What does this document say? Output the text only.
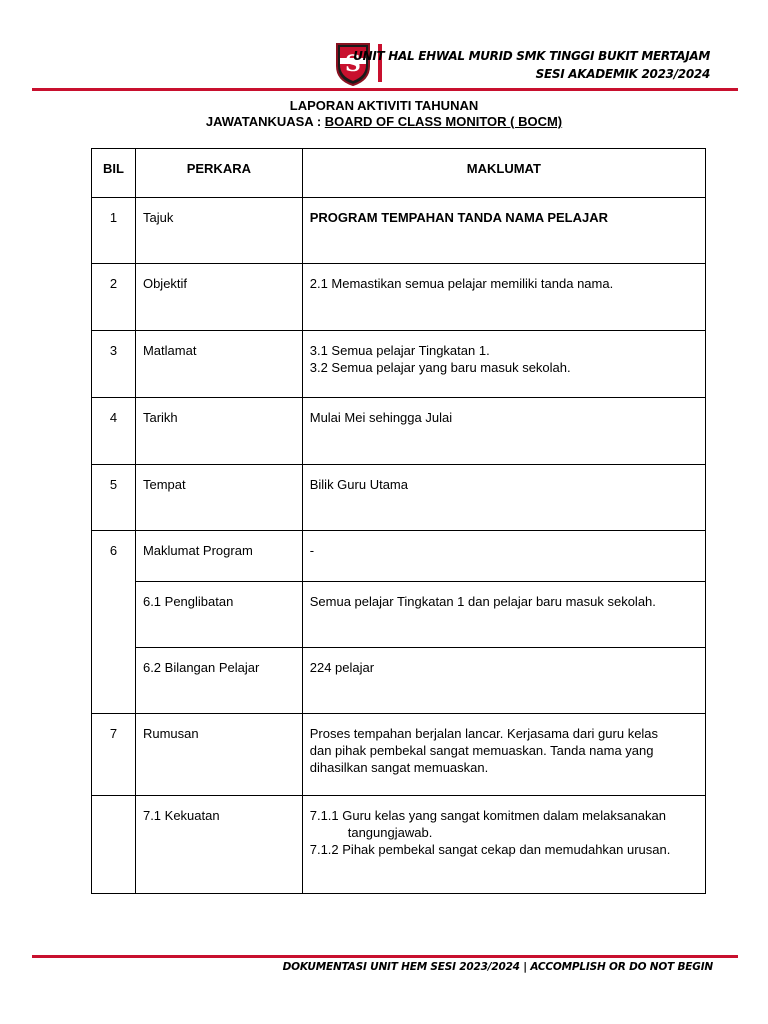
S
UNIT HAL EHWAL MURID SMK TINGGI BUKIT MERTAJAM
SESI AKADEMIK 2023/2024
LAPORAN AKTIVITI TAHUNAN
JAWATANKUASA : BOARD OF CLASS MONITOR ( BOCM)
BIL	PERKARA	MAKLUMAT

1	Tajuk	PROGRAM TEMPAHAN TANDA NAMA PELAJAR

2	Objektif	2.1 Memastikan semua pelajar memiliki tanda nama.

3	Matlamat	3.1 Semua pelajar Tingkatan 1.
3.2 Semua pelajar yang baru masuk sekolah.

4	Tarikh	Mulai Mei sehingga Julai

5	Tempat	Bilik Guru Utama

6	Maklumat Program	-

	6.1 Penglibatan	Semua pelajar Tingkatan 1 dan pelajar baru masuk sekolah.

	6.2 Bilangan Pelajar	224 pelajar

7	Rumusan	Proses tempahan berjalan lancar. Kerjasama dari guru kelas
dan pihak pembekal sangat memuaskan. Tanda nama yang
dihasilkan sangat memuaskan.

	7.1 Kekuatan	7.1.1 Guru kelas yang sangat komitmen dalam melaksanakan
tangungjawab.
7.1.2 Pihak pembekal sangat cekap dan memudahkan urusan.
DOKUMENTASI UNIT HEM SESI 2023/2024 | ACCOMPLISH OR DO NOT BEGIN
